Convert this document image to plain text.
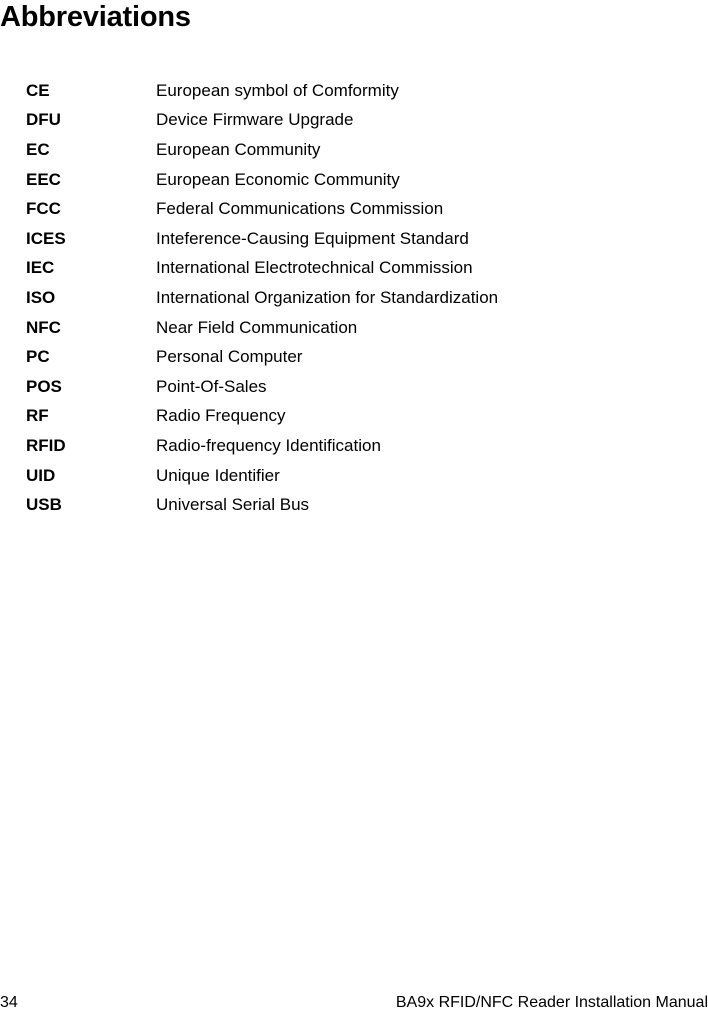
Abbreviations
CE	European symbol of Comformity
DFU	Device Firmware Upgrade
EC	European Community
EEC	European Economic Community
FCC	Federal Communications Commission
ICES	Inteference-Causing Equipment Standard
IEC	International Electrotechnical Commission
ISO	International Organization for Standardization
NFC	Near Field Communication
PC	Personal Computer
POS	Point-Of-Sales
RF	Radio Frequency
RFID	Radio-frequency Identification
UID	Unique Identifier
USB	Universal Serial Bus
34	BA9x RFID/NFC Reader Installation Manual
